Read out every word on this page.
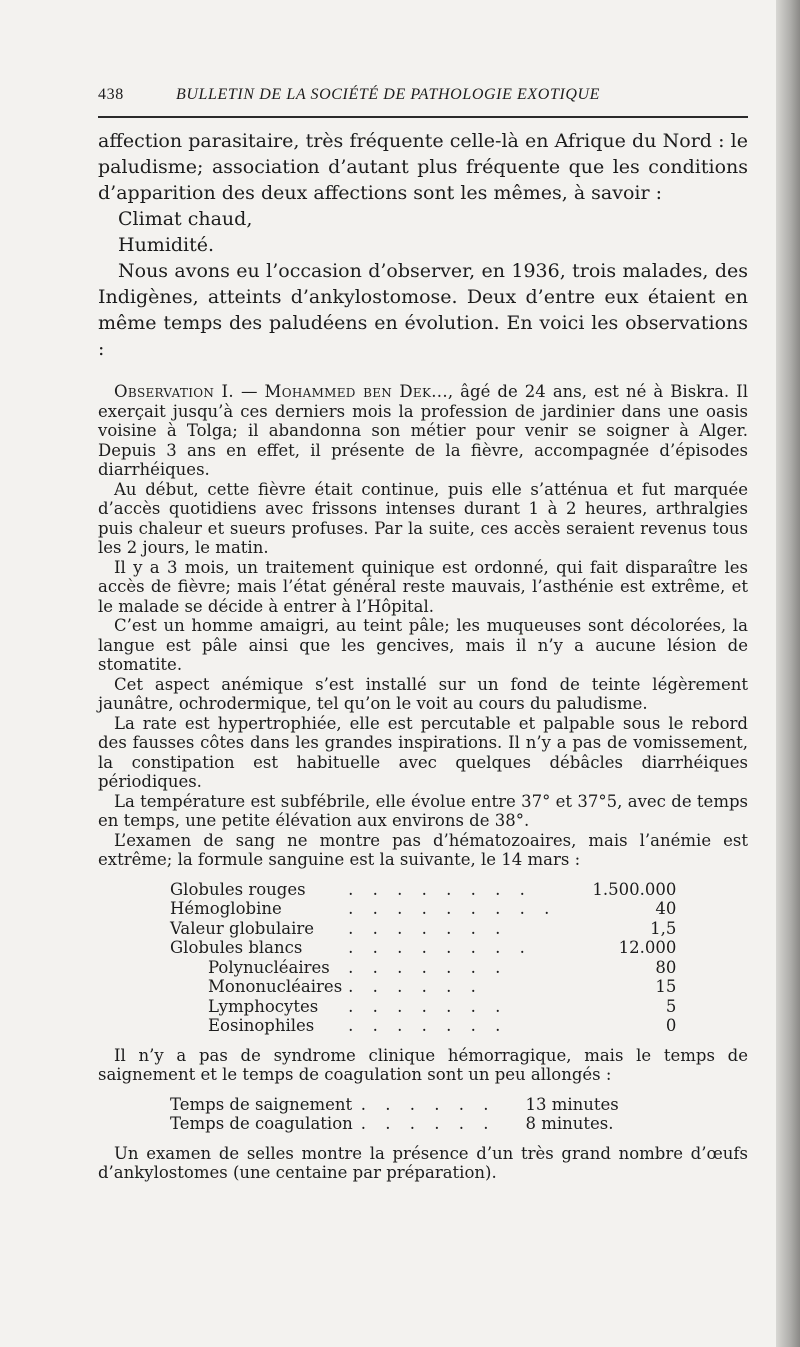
438	BULLETIN DE LA SOCIÉTÉ DE PATHOLOGIE EXOTIQUE

affection parasitaire, très fréquente celle-là en Afrique du Nord : le paludisme; association d’autant plus fréquente que les conditions d’apparition des deux affections sont les mêmes, à savoir :

Climat chaud,

Humidité.

Nous avons eu l’occasion d’observer, en 1936, trois malades, des Indigènes, atteints d’ankylostomose. Deux d’entre eux étaient en même temps des paludéens en évolution. En voici les observations :

Observation I. — Mohammed ben Dek..., âgé de 24 ans, est né à Biskra. Il exerçait jusqu’à ces derniers mois la profession de jardinier dans une oasis voisine à Tolga; il abandonna son métier pour venir se soigner à Alger. Depuis 3 ans en effet, il présente de la fièvre, accompagnée d’épisodes diarrhéiques.

Au début, cette fièvre était continue, puis elle s’atténua et fut marquée d’accès quotidiens avec frissons intenses durant 1 à 2 heures, arthralgies puis chaleur et sueurs profuses. Par la suite, ces accès seraient revenus tous les 2 jours, le matin.

Il y a 3 mois, un traitement quinique est ordonné, qui fait disparaître les accès de fièvre; mais l’état général reste mauvais, l’asthénie est extrême, et le malade se décide à entrer à l’Hôpital.

C’est un homme amaigri, au teint pâle; les muqueuses sont décolorées, la langue est pâle ainsi que les gencives, mais il n’y a aucune lésion de stomatite.

Cet aspect anémique s’est installé sur un fond de teinte légèrement jaunâtre, ochrodermique, tel qu’on le voit au cours du paludisme.

La rate est hypertrophiée, elle est percutable et palpable sous le rebord des fausses côtes dans les grandes inspirations. Il n’y a pas de vomissement, la constipation est habituelle avec quelques débâcles diarrhéiques périodiques.

La température est subfébrile, elle évolue entre 37° et 37°5, avec de temps en temps, une petite élévation aux environs de 38°.

L’examen de sang ne montre pas d’hématozoaires, mais l’anémie est extrême; la formule sanguine est la suivante, le 14 mars :

Globules rouges	. . . . . . . .	1.500.000
Hémoglobine	. . . . . . . . .	40
Valeur globulaire	. . . . . . .	1,5
Globules blancs	. . . . . . . .	12.000
Polynucléaires	. . . . . . .	80
Mononucléaires	. . . . . .	15
Lymphocytes	. . . . . . .	5
Eosinophiles	. . . . . . .	0

Il n’y a pas de syndrome clinique hémorragique, mais le temps de saignement et le temps de coagulation sont un peu allongés :

Temps de saignement	. . . . . .	13 minutes
Temps de coagulation	. . . . . .	8 minutes.

Un examen de selles montre la présence d’un très grand nombre d’œufs d’ankylostomes (une centaine par préparation).
